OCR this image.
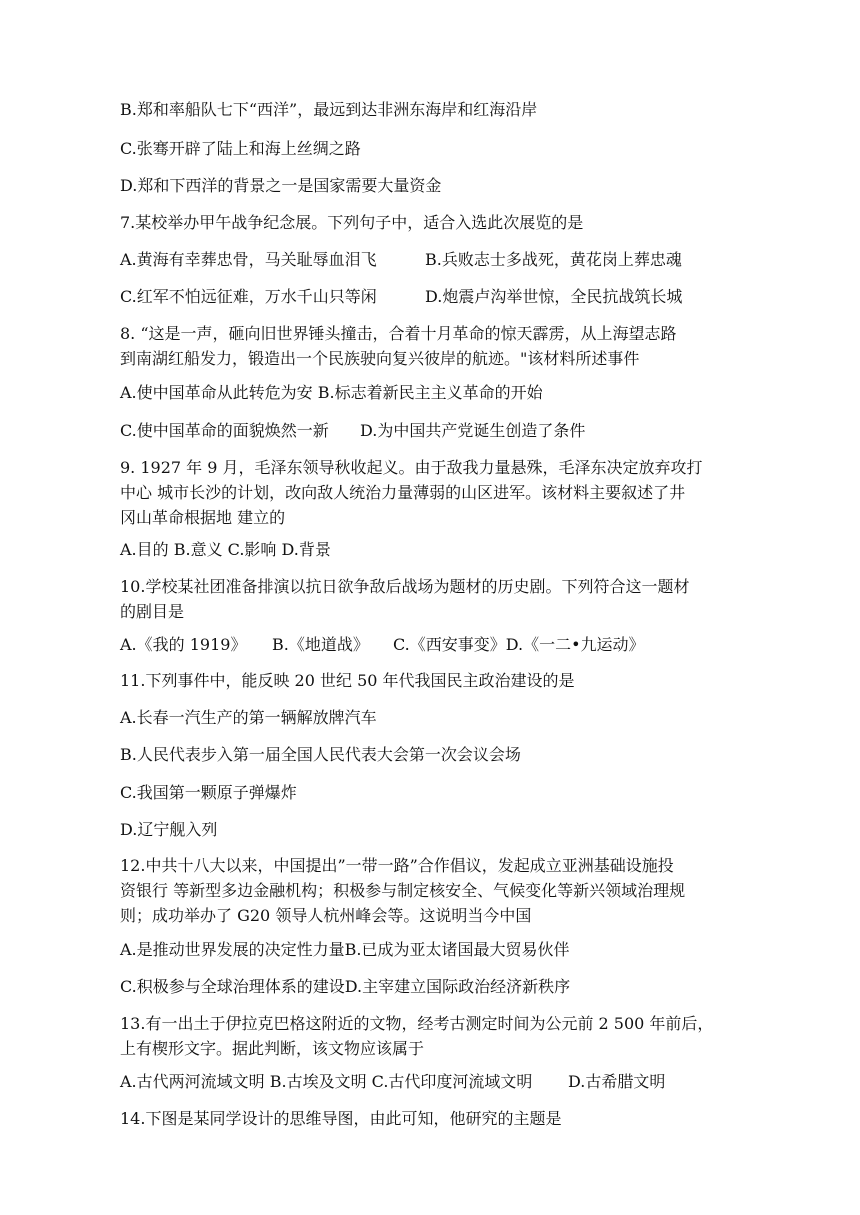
B.郑和率船队七下“西洋”，最远到达非洲东海岸和红海沿岸
C.张骞开辟了陆上和海上丝绸之路
D.郑和下西洋的背景之一是国家需要大量资金
7.某校举办甲午战争纪念展。下列句子中，适合入选此次展览的是
A.黄海有幸葬忠骨，马关耻辱血泪飞	B.兵败志士多战死，黄花岗上葬忠魂
C.红军不怕远征难，万水千山只等闲	D.炮震卢沟举世惊，全民抗战筑长城
8. “这是一声，砸向旧世界锤头撞击，合着十月革命的惊天霹雳，从上海望志路
到南湖红船发力，锻造出一个民族驶向复兴彼岸的航迹。"该材料所述事件
A.使中国革命从此转危为安 B.标志着新民主主义革命的开始
C.使中国革命的面貌焕然一新 D.为中国共产党诞生创造了条件
9. 1927 年 9 月，毛泽东领导秋收起义。由于敌我力量悬殊，毛泽东决定放弃攻打
中心 城市长沙的计划，改向敌人统治力量薄弱的山区进军。该材料主要叙述了井
冈山革命根据地 建立的
A.目的 B.意义 C.影响 D.背景
10.学校某社团准备排演以抗日欲争敌后战场为题材的历史剧。下列符合这一题材
的剧目是
A.《我的 1919》 B.《地道战》 C.《西安事变》D.《一二•九运动》
11.下列事件中，能反映 20 世纪 50 年代我国民主政治建设的是
A.长春一汽生产的第一辆解放牌汽车
B.人民代表步入第一届全国人民代表大会第一次会议会场
C.我国第一颗原子弹爆炸
D.辽宁舰入列
12.中共十八大以来，中国提出”一带一路”合作倡议，发起成立亚洲基础设施投
资银行 等新型多边金融机构；积极参与制定核安全、气候变化等新兴领域治理规
则；成功举办了 G20 领导人杭州峰会等。这说明当今中国
A.是推动世界发展的决定性力量B.已成为亚太诸国最大贸易伙伴
C.积极参与全球治理体系的建设D.主宰建立国际政治经济新秩序
13.有一出土于伊拉克巴格这附近的文物，经考古测定时间为公元前 2 500 年前后，
上有楔形文字。据此判断，该文物应该属于
A.古代两河流域文明 B.古埃及文明 C.古代印度河流域文明 D.古希腊文明
14.下图是某同学设计的思维导图，由此可知，他研究的主题是
